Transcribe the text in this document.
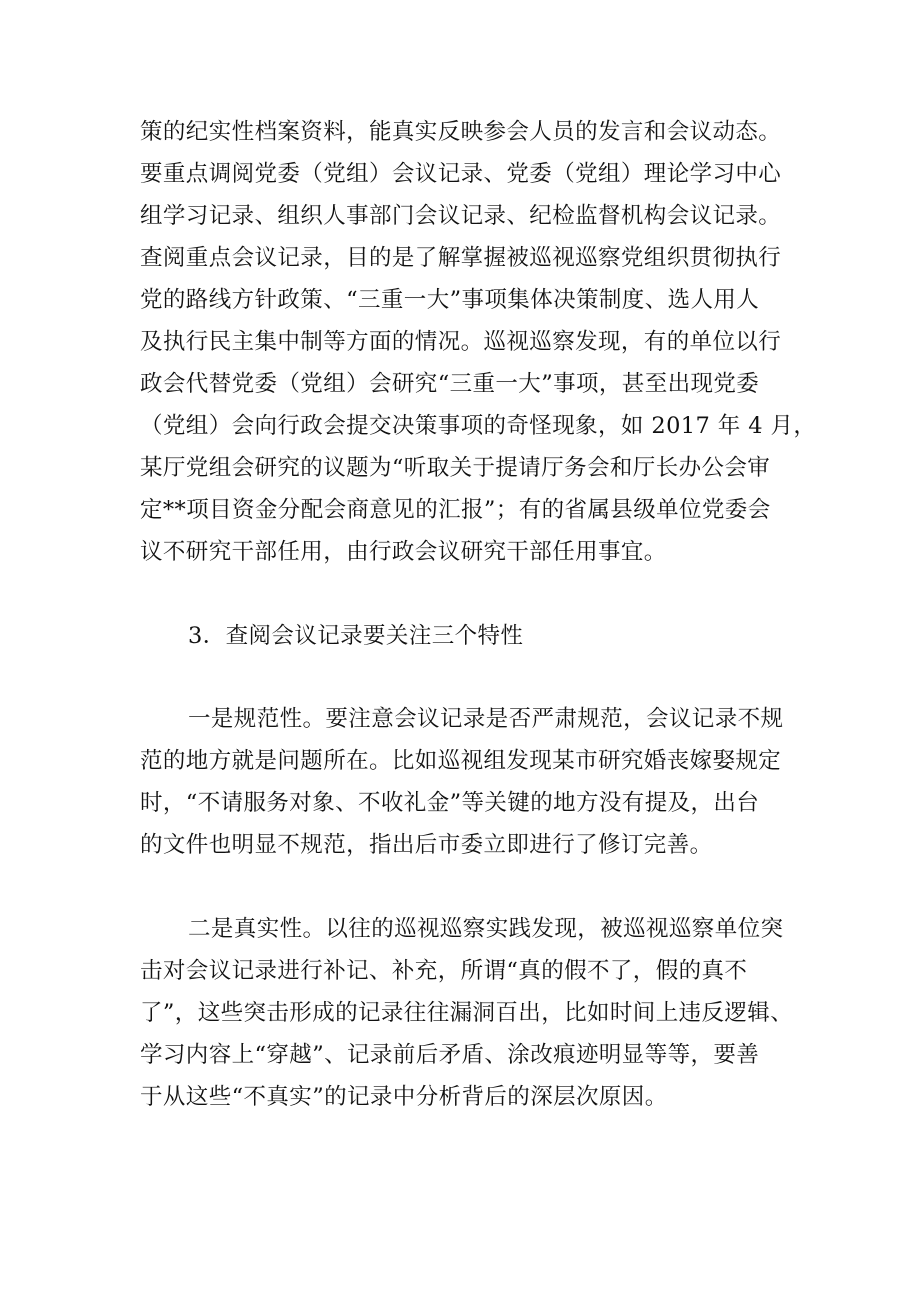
策的纪实性档案资料，能真实反映参会人员的发言和会议动态。
要重点调阅党委（党组）会议记录、党委（党组）理论学习中心
组学习记录、组织人事部门会议记录、纪检监督机构会议记录。
查阅重点会议记录，目的是了解掌握被巡视巡察党组织贯彻执行
党的路线方针政策、“三重一大”事项集体决策制度、选人用人
及执行民主集中制等方面的情况。巡视巡察发现，有的单位以行
政会代替党委（党组）会研究“三重一大”事项，甚至出现党委
（党组）会向行政会提交决策事项的奇怪现象，如 2017 年 4 月，
某厅党组会研究的议题为“听取关于提请厅务会和厅长办公会审
定**项目资金分配会商意见的汇报”；有的省属县级单位党委会
议不研究干部任用，由行政会议研究干部任用事宜。
3．查阅会议记录要关注三个特性
一是规范性。要注意会议记录是否严肃规范，会议记录不规
范的地方就是问题所在。比如巡视组发现某市研究婚丧嫁娶规定
时，“不请服务对象、不收礼金”等关键的地方没有提及，出台
的文件也明显不规范，指出后市委立即进行了修订完善。
二是真实性。以往的巡视巡察实践发现，被巡视巡察单位突
击对会议记录进行补记、补充，所谓“真的假不了，假的真不
了”，这些突击形成的记录往往漏洞百出，比如时间上违反逻辑、
学习内容上“穿越”、记录前后矛盾、涂改痕迹明显等等，要善
于从这些“不真实”的记录中分析背后的深层次原因。
